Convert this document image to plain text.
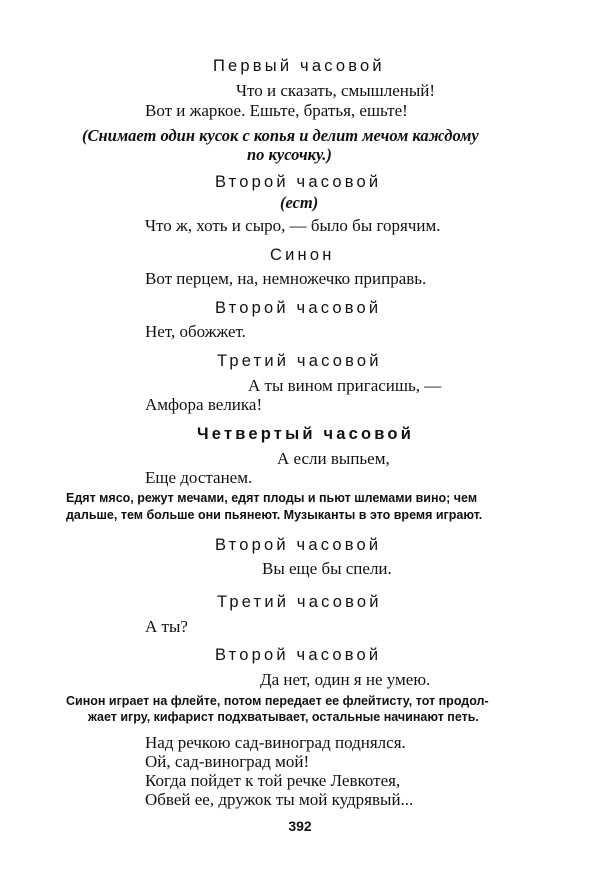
Первый часовой
Что и сказать, смышленый!
Вот и жаркое. Ешьте, братья, ешьте!
(Снимает один кусок с копья и делит мечом каждому
по кусочку.)
Второй часовой
(ест)
Что ж, хоть и сыро, — было бы горячим.
Синон
Вот перцем, на, немножечко приправь.
Второй часовой
Нет, обожжет.
Третий часовой
А ты вином пригасишь, —
Амфора велика!
Четвертый часовой
А если выпьем,
Еще достанем.
Едят мясо, режут мечами, едят плоды и пьют шлемами вино; чем
дальше, тем больше они пьянеют. Музыканты в это время играют.
Второй часовой
Вы еще бы спели.
Третий часовой
А ты?
Второй часовой
Да нет, один я не умею.
Синон играет на флейте, потом передает ее флейтисту, тот продол-
жает игру, кифарист подхватывает, остальные начинают петь.
Над речкою сад-виноград поднялся.
Ой, сад-виноград мой!
Когда пойдет к той речке Левкотея,
Обвей ее, дружок ты мой кудрявый...
392
